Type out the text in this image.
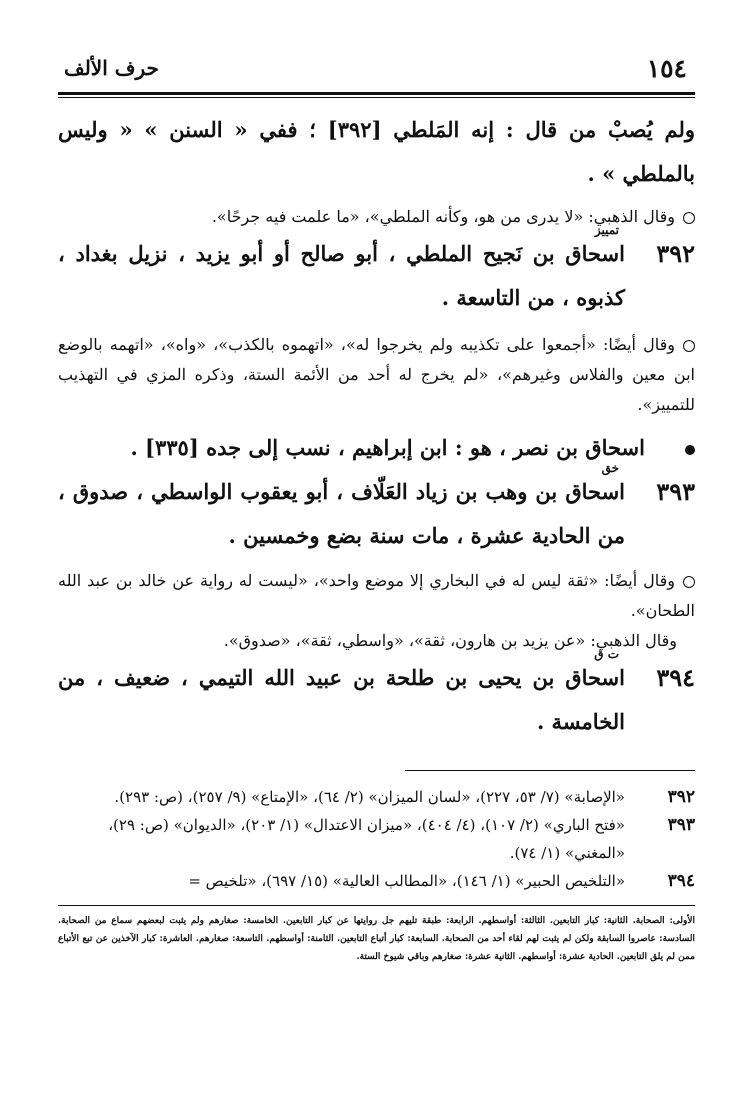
١٥٤
حرف الألف

ولم يُصبْ من قال : إنه المَلطي [٣٩٢] ؛ ففي « السنن » « وليس بالملطي » .

وقال الذهبي: «لا يدرى من هو، وكأنه الملطي»، «ما علمت فيه جرحًا».

٣٩٢
تمييز

اسحاق بن نَجيح الملطي ، أبو صالح أو أبو يزيد ، نزيل بغداد ، كذبوه ، من التاسعة .

وقال أيضًا: «أجمعوا على تكذيبه ولم يخرجوا له»، «اتهموه بالكذب»، «واه»، «اتهمه بالوضع ابن معين والفلاس وغيرهم»، «لم يخرج له أحد من الأئمة الستة، وذكره المزي في التهذيب للتمييز».

اسحاق بن نصر ، هو : ابن إبراهيم ، نسب إلى جده [٣٣٥] .

٣٩٣
خق

اسحاق بن وهب بن زياد العَلّاف ، أبو يعقوب الواسطي ، صدوق ، من الحادية عشرة ، مات سنة بضع وخمسين .

وقال أيضًا: «ثقة ليس له في البخاري إلا موضع واحد»، «ليست له رواية عن خالد بن عبد الله الطحان».

وقال الذهبي: «عن يزيد بن هارون، ثقة»، «واسطي، ثقة»، «صدوق».

٣٩٤
ت ق

اسحاق بن يحيى بن طلحة بن عبيد الله التيمي ، ضعيف ، من الخامسة .

٣٩٢
«الإصابة» (٧/ ٥٣، ٢٢٧)، «لسان الميزان» (٢/ ٦٤)، «الإمتاع» (٩/ ٢٥٧)، (ص: ٢٩٣).
٣٩٣
«فتح الباري» (٢/ ١٠٧)، (٤/ ٤٠٤)، «ميزان الاعتدال» (١/ ٢٠٣)، «الديوان» (ص: ٢٩)، «المغني» (١/ ٧٤).
٣٩٤
«التلخيص الحبير» (١/ ١٤٦)، «المطالب العالية» (١٥/ ٦٩٧)، «تلخيص =

الأولى: الصحابة. الثانية: كبار التابعين. الثالثة: أواسطهم. الرابعة: طبقة تليهم جل روايتها عن كبار التابعين. الخامسة: صغارهم ولم يثبت لبعضهم سماع من الصحابة. السادسة: عاصروا السابقة ولكن لم يثبت لهم لقاء أحد من الصحابة. السابعة: كبار أتباع التابعين. الثامنة: أواسطهم. التاسعة: صغارهم. العاشرة: كبار الآخذين عن تبع الأتباع ممن لم يلق التابعين. الحادية عشرة: أواسطهم. الثانية عشرة: صغارهم وباقي شيوخ الستة.
